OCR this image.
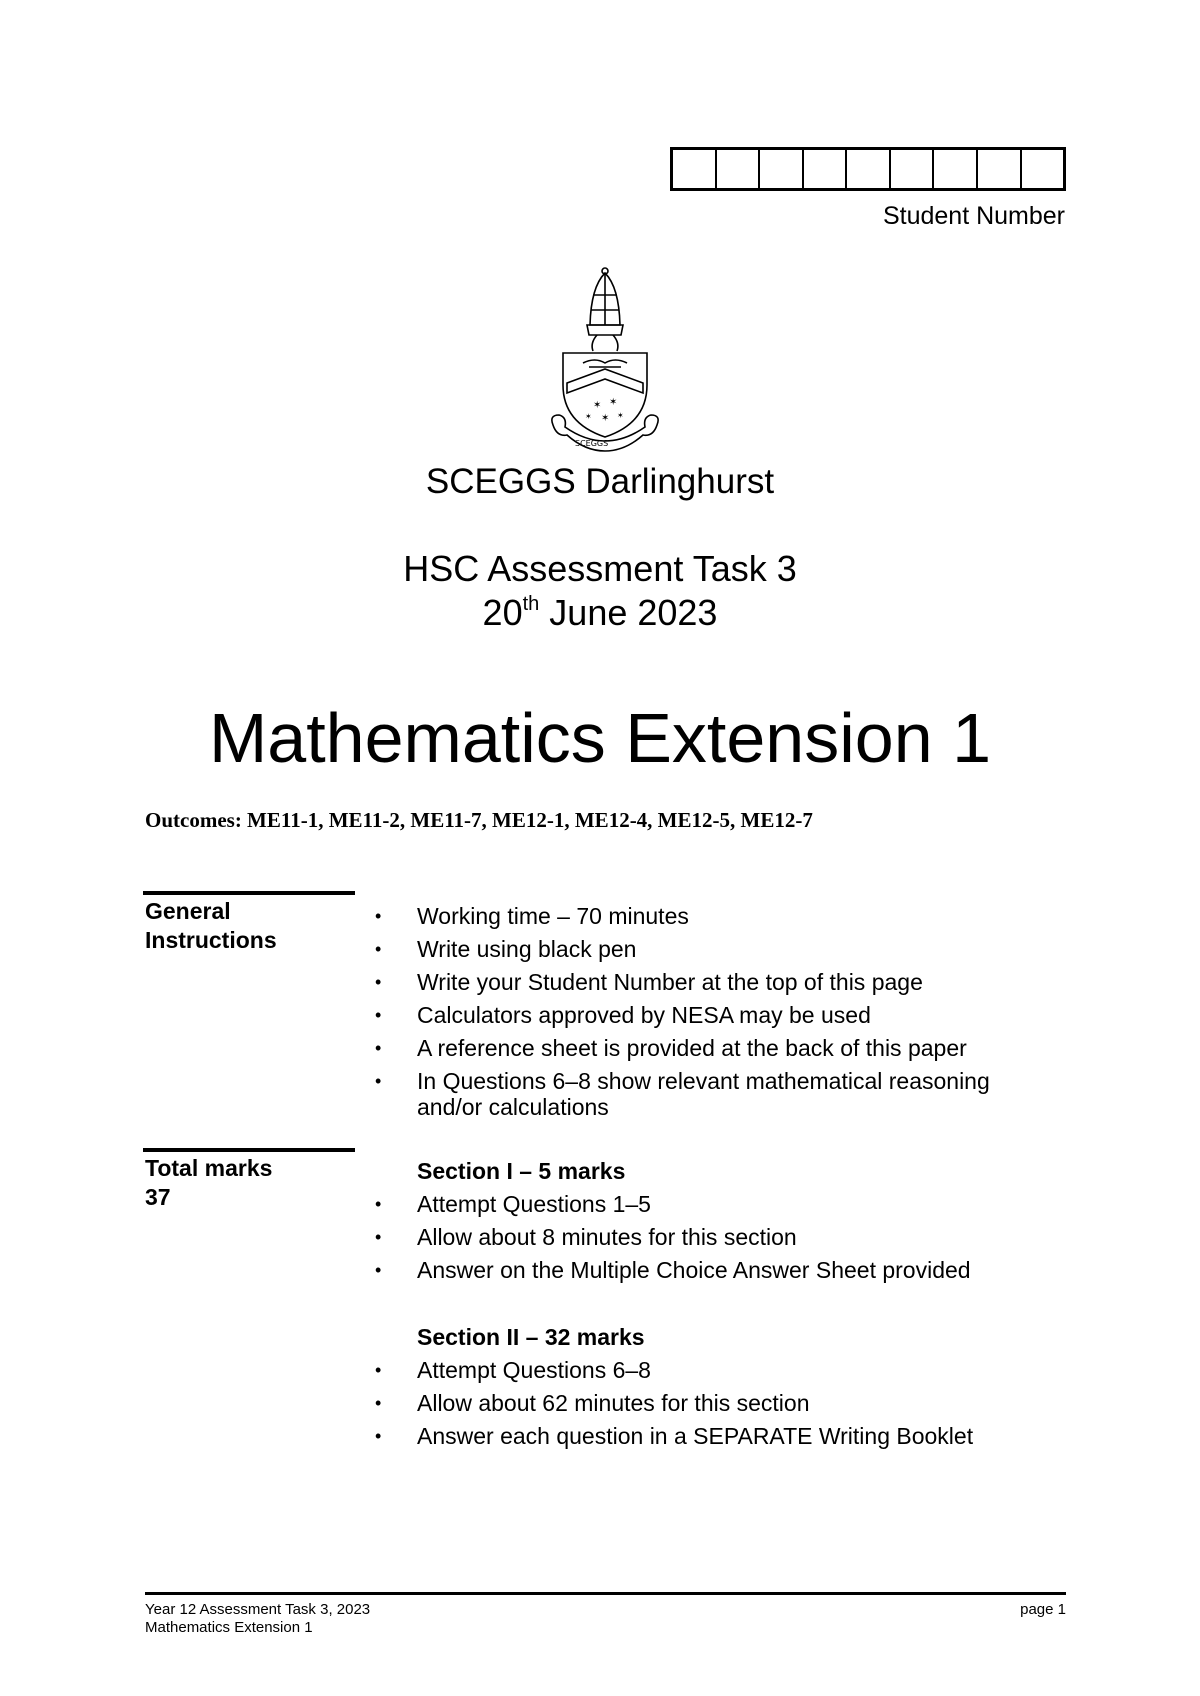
Student Number
✶ ✶
✶
✶	✶
SCEGGS
SCEGGS Darlinghurst
HSC Assessment Task 3
20th June 2023
Mathematics Extension 1
Outcomes: ME11-1, ME11-2, ME11-7, ME12-1, ME12-4, ME12-5, ME12-7
General
Instructions
• Working time – 70 minutes
• Write using black pen
• Write your Student Number at the top of this page
• Calculators approved by NESA may be used
• A reference sheet is provided at the back of this paper
• In Questions 6–8 show relevant mathematical reasoning and/or calculations
Total marks
37
Section I – 5 marks
• Attempt Questions 1–5
• Allow about 8 minutes for this section
• Answer on the Multiple Choice Answer Sheet provided
Section II – 32 marks
• Attempt Questions 6–8
• Allow about 62 minutes for this section
• Answer each question in a SEPARATE Writing Booklet
Year 12 Assessment Task 3, 2023
Mathematics Extension 1
page 1
